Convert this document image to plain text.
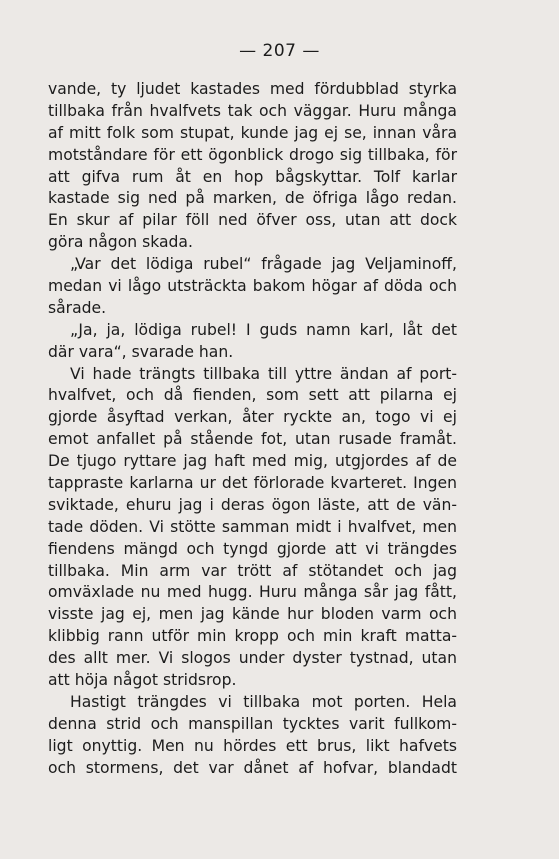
— 207 —
vande, ty ljudet kastades med fördubblad styrka
tillbaka från hvalfvets tak och väggar. Huru många
af mitt folk som stupat, kunde jag ej se, innan våra
motståndare för ett ögonblick drogo sig tillbaka, för
att gifva rum åt en hop bågskyttar. Tolf karlar
kastade sig ned på marken, de öfriga lågo redan.
En skur af pilar föll ned öfver oss, utan att dock
göra någon skada.
„Var det lödiga rubel“ frågade jag Veljaminoff,
medan vi lågo utsträckta bakom högar af döda och
sårade.
„Ja, ja, lödiga rubel! I guds namn karl, låt det
där vara“, svarade han.
Vi hade trängts tillbaka till yttre ändan af port-
hvalfvet, och då fienden, som sett att pilarna ej
gjorde åsyftad verkan, åter ryckte an, togo vi ej
emot anfallet på stående fot, utan rusade framåt.
De tjugo ryttare jag haft med mig, utgjordes af de
tappraste karlarna ur det förlorade kvarteret. Ingen
sviktade, ehuru jag i deras ögon läste, att de vän-
tade döden. Vi stötte samman midt i hvalfvet, men
fiendens mängd och tyngd gjorde att vi trängdes
tillbaka. Min arm var trött af stötandet och jag
omväxlade nu med hugg. Huru många sår jag fått,
visste jag ej, men jag kände hur bloden varm och
klibbig rann utför min kropp och min kraft matta-
des allt mer. Vi slogos under dyster tystnad, utan
att höja något stridsrop.
Hastigt trängdes vi tillbaka mot porten. Hela
denna strid och manspillan tycktes varit fullkom-
ligt onyttig. Men nu hördes ett brus, likt hafvets
och stormens, det var dånet af hofvar, blandadt
